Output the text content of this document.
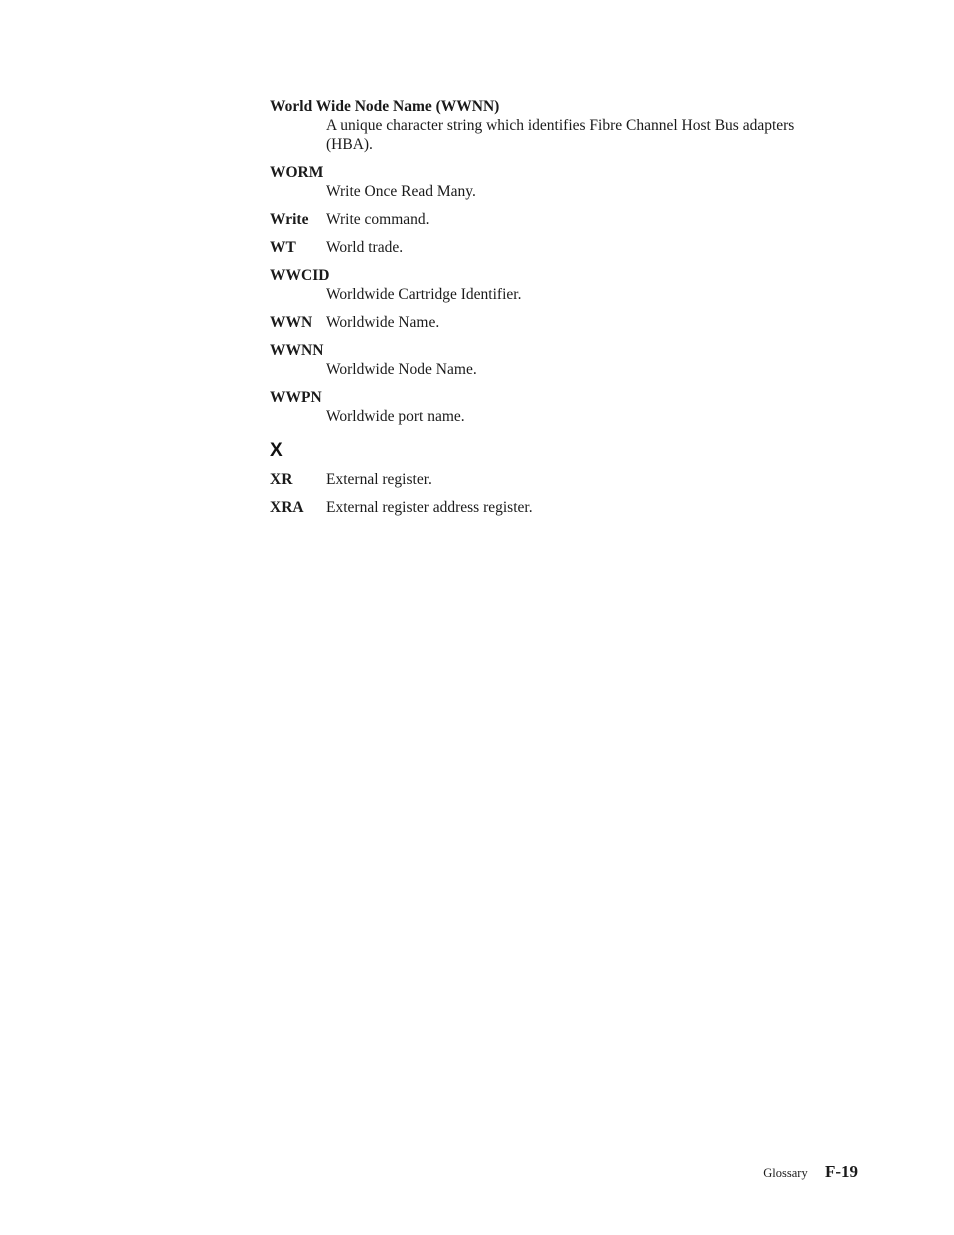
World Wide Node Name (WWNN)
A unique character string which identifies Fibre Channel Host Bus adapters (HBA).
WORM
Write Once Read Many.
Write	Write command.
WT	World trade.
WWCID
Worldwide Cartridge Identifier.
WWN Worldwide Name.
WWNN
Worldwide Node Name.
WWPN
Worldwide port name.
X
XR	External register.
XRA	External register address register.
Glossary F-19
